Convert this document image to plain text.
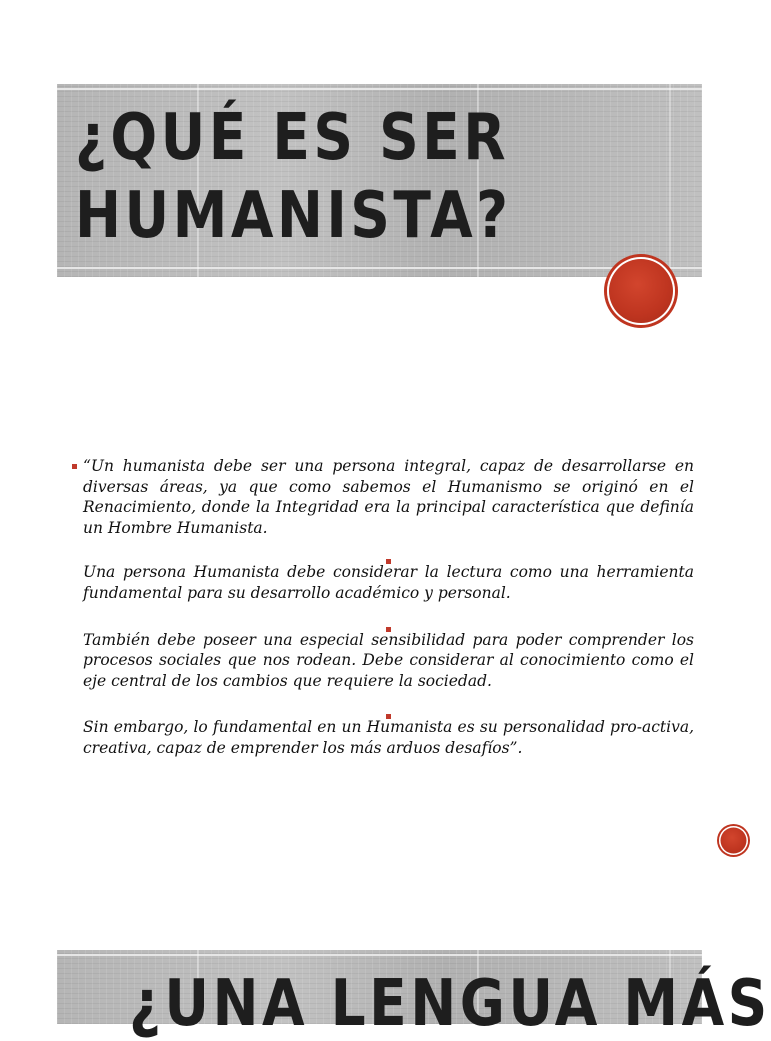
¿QUÉ ES SER
HUMANISTA?

“Un humanista debe ser una persona integral, capaz de desarrollarse en diversas áreas, ya que como sabemos el Humanismo se originó en el Renacimiento, donde la Integridad era la principal característica que definía un Hombre Humanista.

Una persona Humanista debe considerar la lectura como una herramienta fundamental para su desarrollo académico y personal.

También debe poseer una especial sensibilidad para poder comprender los procesos sociales que nos rodean. Debe considerar al conocimiento como el eje central de los cambios que requiere la sociedad.

Sin embargo, lo fundamental en un Humanista es su personalidad pro-activa, creativa, capaz de emprender los más arduos desafíos”.

¿UNA LENGUA MÁS
